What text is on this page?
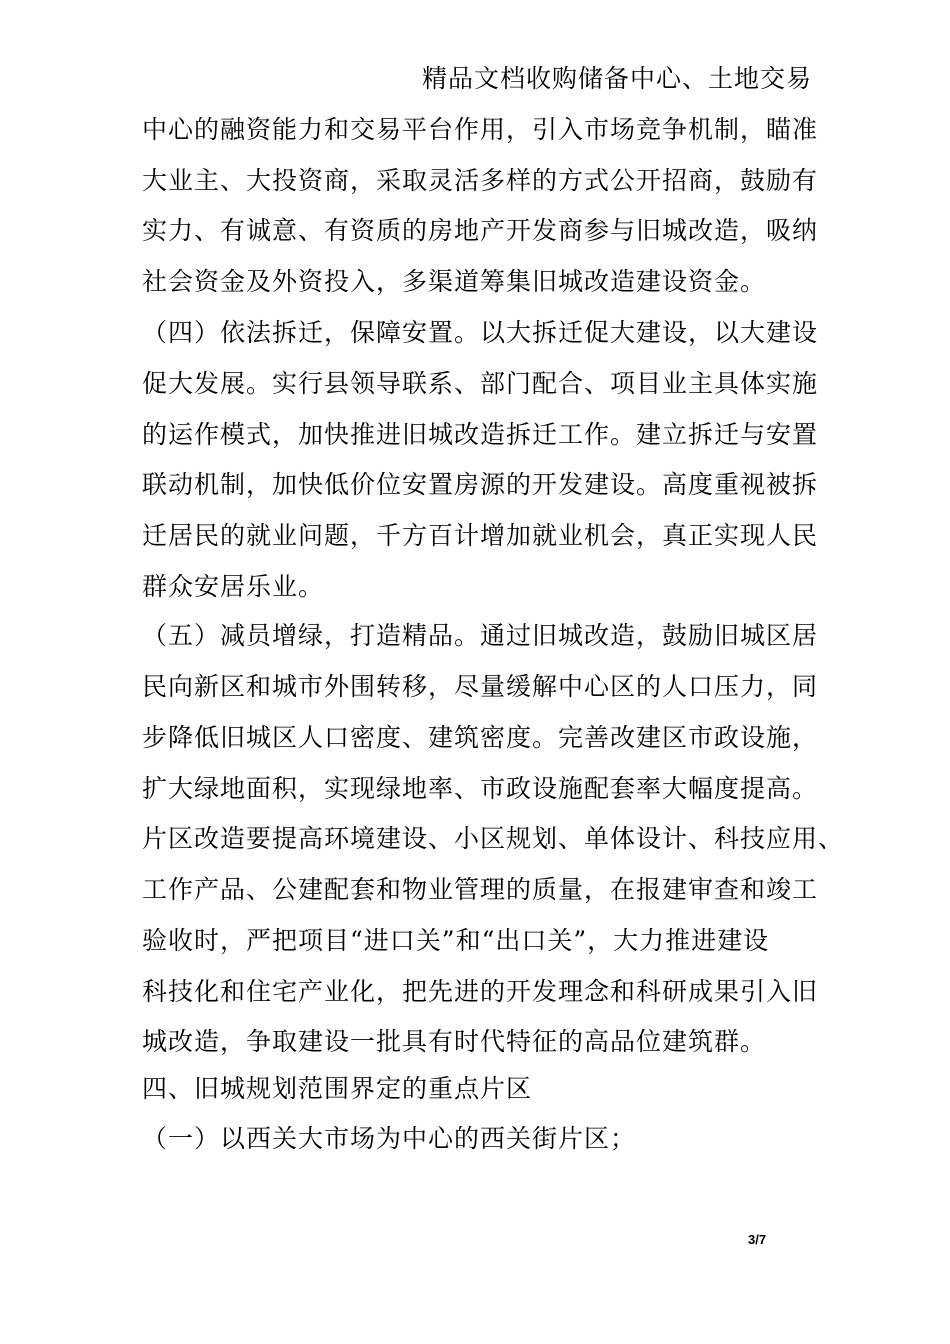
精品文档收购储备中心、土地交易
中心的融资能力和交易平台作用，引入市场竞争机制，瞄准
大业主、大投资商，采取灵活多样的方式公开招商，鼓励有
实力、有诚意、有资质的房地产开发商参与旧城改造，吸纳
社会资金及外资投入，多渠道筹集旧城改造建设资金。
（四）依法拆迁，保障安置。以大拆迁促大建设，以大建设
促大发展。实行县领导联系、部门配合、项目业主具体实施
的运作模式，加快推进旧城改造拆迁工作。建立拆迁与安置
联动机制，加快低价位安置房源的开发建设。高度重视被拆
迁居民的就业问题，千方百计增加就业机会，真正实现人民
群众安居乐业。
（五）减员增绿，打造精品。通过旧城改造，鼓励旧城区居
民向新区和城市外围转移，尽量缓解中心区的人口压力，同
步降低旧城区人口密度、建筑密度。完善改建区市政设施，
扩大绿地面积，实现绿地率、市政设施配套率大幅度提高。
片区改造要提高环境建设、小区规划、单体设计、科技应用、
工作产品、公建配套和物业管理的质量，在报建审查和竣工
验收时，严把项目“进口关”和“出口关”，大力推进建设
科技化和住宅产业化，把先进的开发理念和科研成果引入旧
城改造，争取建设一批具有时代特征的高品位建筑群。
四、旧城规划范围界定的重点片区
（一）以西关大市场为中心的西关街片区；
3/7
